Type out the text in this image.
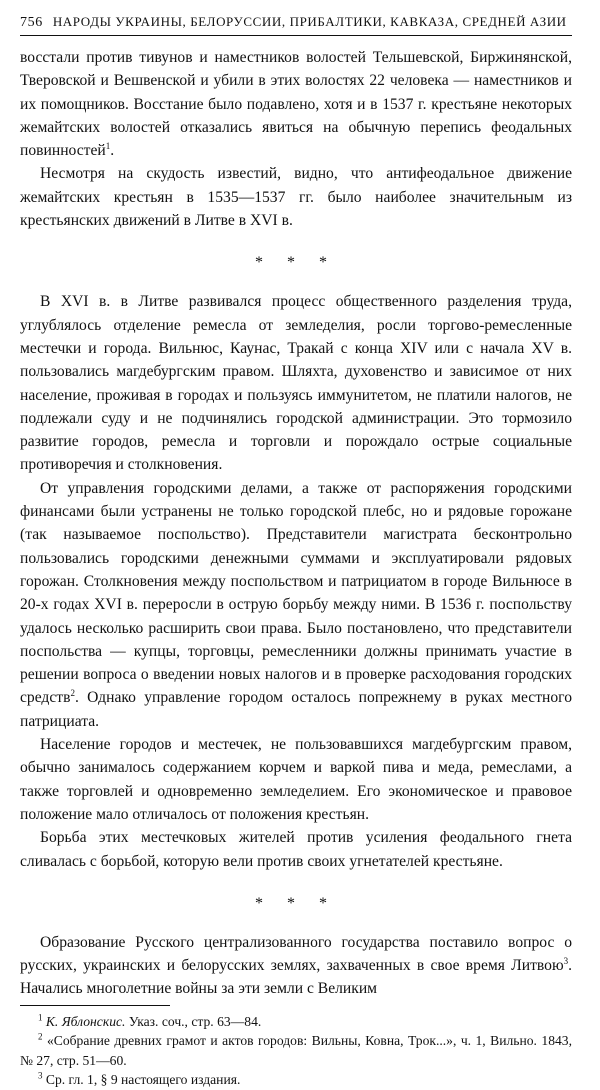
756 НАРОДЫ УКРАИНЫ, БЕЛОРУССИИ, ПРИБАЛТИКИ, КАВКАЗА, СРЕДНЕЙ АЗИИ

восстали против тивунов и наместников волостей Тельшевской, Биржинянской, Тверовской и Вешвенской и убили в этих волостях 22 человека — наместников и их помощников. Восстание было подавлено, хотя и в 1537 г. крестьяне некоторых жемайтских волостей отказались явиться на обычную перепись феодальных повинностей$^1$.

Несмотря на скудость известий, видно, что антифеодальное движение жемайтских крестьян в 1535—1537 гг. было наиболее значительным из крестьянских движений в Литве в XVI в.

* * *

В XVI в. в Литве развивался процесс общественного разделения труда, углублялось отделение ремесла от земледелия, росли торгово-ремесленные местечки и города. Вильнюс, Каунас, Тракай с конца XIV или с начала XV в. пользовались магдебургским правом. Шляхта, духовенство и зависимое от них население, проживая в городах и пользуясь иммунитетом, не платили налогов, не подлежали суду и не подчинялись городской администрации. Это тормозило развитие городов, ремесла и торговли и порождало острые социальные противоречия и столкновения.

От управления городскими делами, а также от распоряжения городскими финансами были устранены не только городской плебс, но и рядовые горожане (так называемое поспольство). Представители магистрата бесконтрольно пользовались городскими денежными суммами и эксплуатировали рядовых горожан. Столкновения между поспольством и патрициатом в городе Вильнюсе в 20-х годах XVI в. переросли в острую борьбу между ними. В 1536 г. поспольству удалось несколько расширить свои права. Было постановлено, что представители поспольства — купцы, торговцы, ремесленники должны принимать участие в решении вопроса о введении новых налогов и в проверке расходования городских средств$^2$. Однако управление городом осталось попрежнему в руках местного патрициата.

Население городов и местечек, не пользовавшихся магдебургским правом, обычно занималось содержанием корчем и варкой пива и меда, ремеслами, а также торговлей и одновременно земледелием. Его экономическое и правовое положение мало отличалось от положения крестьян.

Борьба этих местечковых жителей против усиления феодального гнета сливалась с борьбой, которую вели против своих угнетателей крестьяне.

* * *

Образование Русского централизованного государства поставило вопрос о русских, украинских и белорусских землях, захваченных в свое время Литвою$^3$. Начались многолетние войны за эти земли с Великим

$^1$ К. Яблонскис. Указ. соч., стр. 63—84.

$^2$ «Собрание древних грамот и актов городов: Вильны, Ковна, Трок...», ч. 1, Вильно. 1843, № 27, стр. 51—60.

$^3$ Ср. гл. 1, § 9 настоящего издания.
